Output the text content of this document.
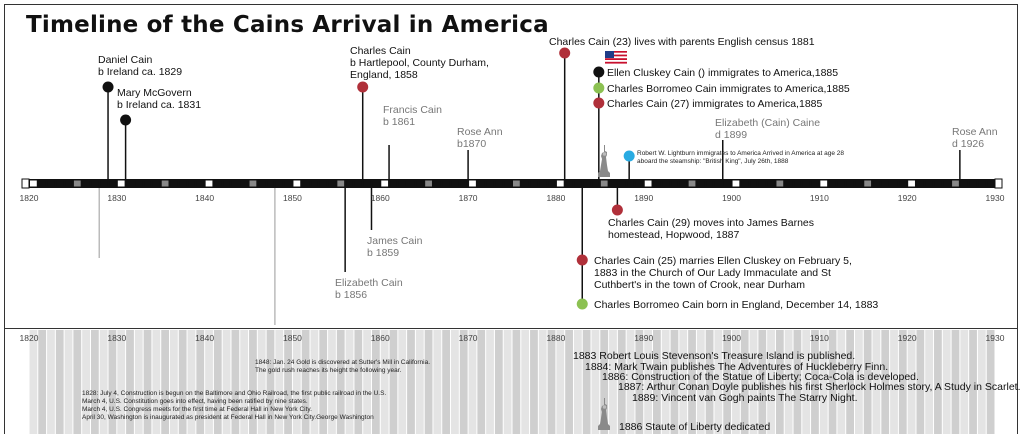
Timeline of the Cains Arrival in America
1820	1830	1840	1850	1860	1870	1880	1890	1900	1910	1920	1930
1820	1830	1840	1850	1860	1870	1880	1890	1900	1910	1920	1930
Daniel Cain
b Ireland ca. 1829
Mary McGovern
b Ireland ca. 1831
Charles Cain
b Hartlepool, County Durham,
England, 1858
Francis Cain
b 1861
Rose Ann
b1870
Charles Cain (23) lives with parents English census 1881
Ellen Cluskey Cain () immigrates to America,1885
Charles Borromeo Cain immigrates to America,1885
Charles Cain (27) immigrates to America,1885
Elizabeth (Cain) Caine
d 1899	Rose Ann
d 1926
Robert W. Lightburn immigrates to America Arrived in America at age 28
aboard the steamship: "British King", July 26th, 1888
James Cain
b 1859
Elizabeth Cain
b 1856
Charles Cain (29) moves into James Barnes
homestead, Hopwood, 1887
Charles Cain (25) marries Ellen Cluskey on February 5,
1883 in the Church of Our Lady Immaculate and St
Cuthbert's in the town of Crook, near Durham
Charles Borromeo Cain born in England, December 14, 1883
1848: Jan. 24 Gold is discovered at Sutter's Mill in California.
The gold rush reaches its height the following year.
1828: July 4, Construction is begun on the Baltimore and Ohio Railroad, the first public railroad in the U.S.
March 4, U.S. Constitution goes into effect, having been ratified by nine states.
March 4, U.S. Congress meets for the first time at Federal Hall in New York City.
April 30, Washington is inaugurated as president at Federal Hall in New York City.George Washington
1883 Robert Louis Stevenson's Treasure Island is published.
1884: Mark Twain publishes The Adventures of Huckleberry Finn.
1886: Construction of the Statue of Liberty; Coca-Cola is developed.
1887: Arthur Conan Doyle publishes his first Sherlock Holmes story, A Study in Scarlet.
1889: Vincent van Gogh paints The Starry Night.
1886 Staute of Liberty dedicated
